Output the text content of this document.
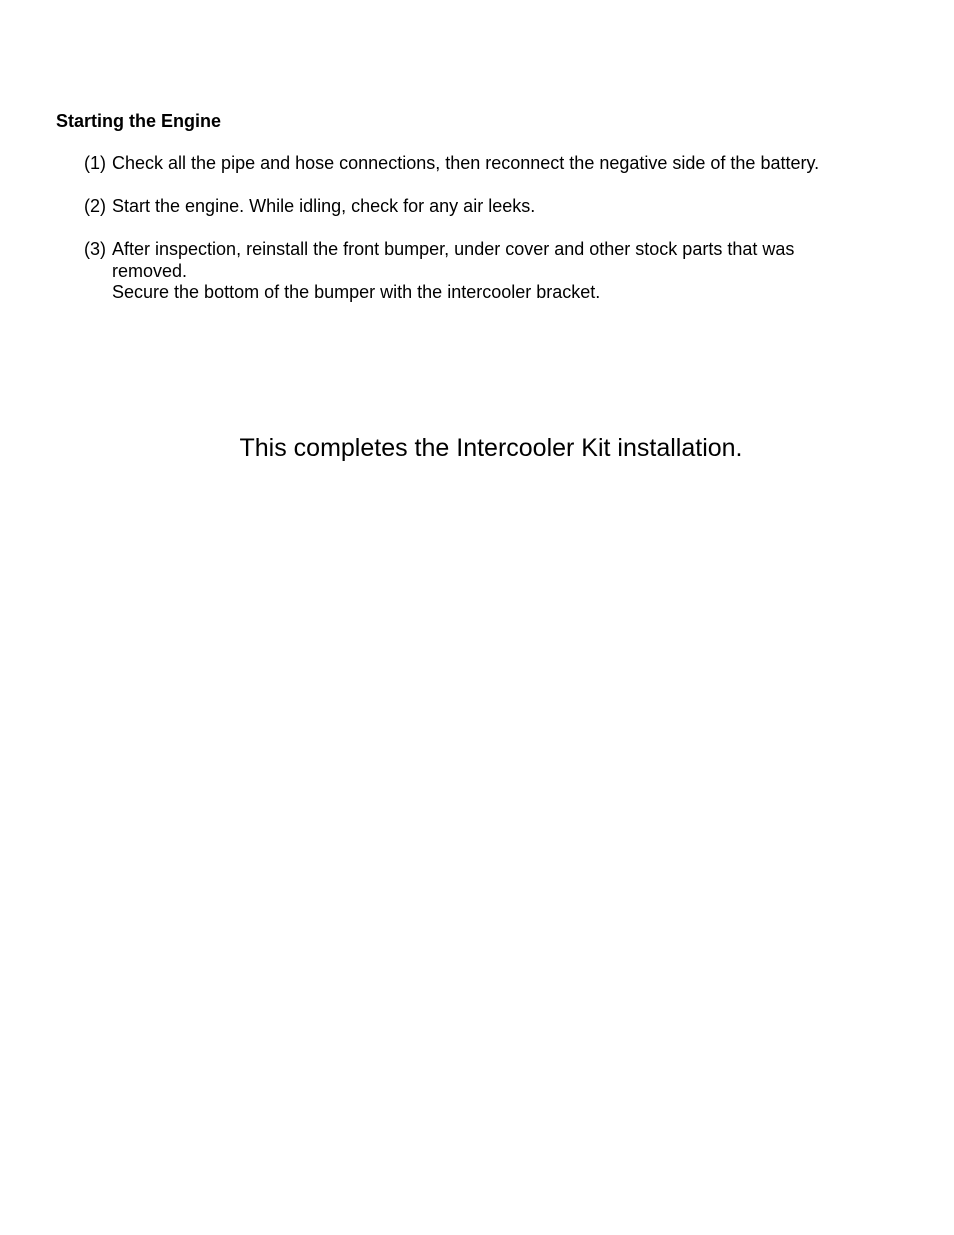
Starting the Engine
(1) Check all the pipe and hose connections, then reconnect the negative side of the battery.

(2) Start the engine. While idling, check for any air leeks.

(3) After inspection, reinstall the front bumper, under cover and other stock parts that was removed.

Secure the bottom of the bumper with the intercooler bracket.

This completes the Intercooler Kit installation.
